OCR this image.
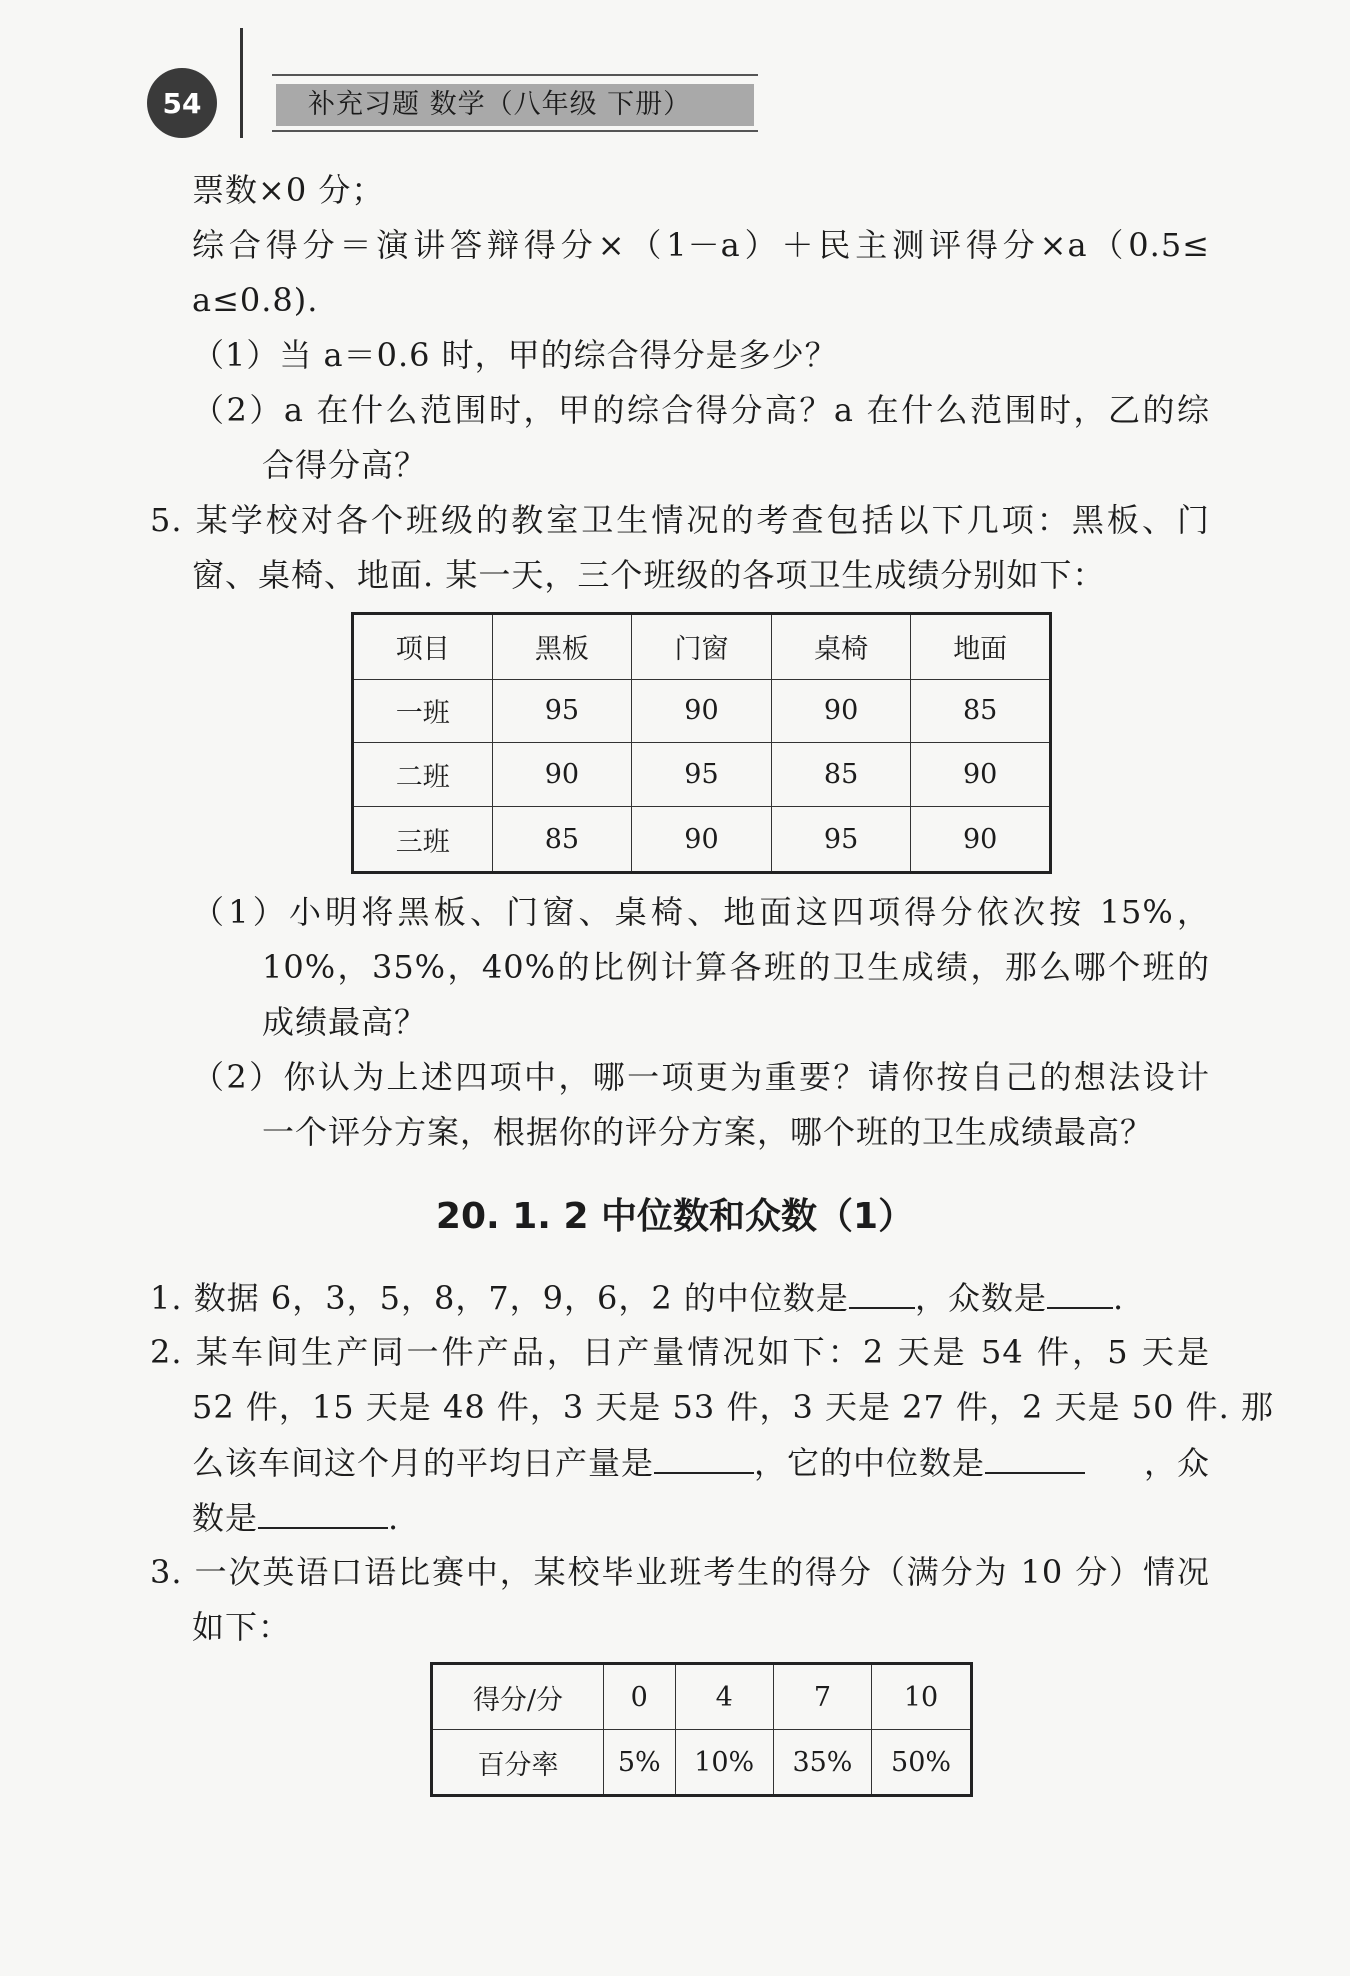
54	补充习题 数学（八年级 下册）
票数×0 分；
综合得分＝演讲答辩得分×（1－a）＋民主测评得分×a（0.5≤
a≤0.8).
（1）当 a＝0.6 时，甲的综合得分是多少？
（2）a 在什么范围时，甲的综合得分高？a 在什么范围时，乙的综
合得分高？
5. 某学校对各个班级的教室卫生情况的考查包括以下几项：黑板、门
窗、桌椅、地面. 某一天，三个班级的各项卫生成绩分别如下：
项目	黑板	门窗	桌椅	地面
一班	95	90	90	85
二班	90	95	85	90
三班	85	90	95	90
（1）小明将黑板、门窗、桌椅、地面这四项得分依次按 15%，
10%，35%，40%的比例计算各班的卫生成绩，那么哪个班的
成绩最高？
（2）你认为上述四项中，哪一项更为重要？请你按自己的想法设计
一个评分方案，根据你的评分方案，哪个班的卫生成绩最高？
20. 1. 2 中位数和众数（1）
1. 数据 6，3，5，8，7，9，6，2 的中位数是 ，众数是 .
2. 某车间生产同一件产品，日产量情况如下：2 天是 54 件，5 天是
52 件，15 天是 48 件，3 天是 53 件，3 天是 27 件，2 天是 50 件. 那
么该车间这个月的平均日产量是	，它的中位数是	，众
数是	.
3. 一次英语口语比赛中，某校毕业班考生的得分（满分为 10 分）情况
如下：
得分/分	0	4	7	10
百分率	5%	10%	35%	50%
